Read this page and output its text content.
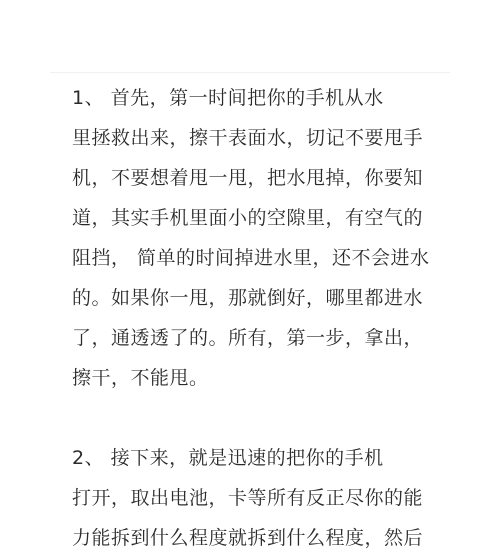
1、 首先，第一时间把你的手机从水
里拯救出来，擦干表面水，切记不要甩手
机，不要想着甩一甩，把水甩掉，你要知
道，其实手机里面小的空隙里，有空气的
阻挡， 简单的时间掉进水里，还不会进水
的。如果你一甩，那就倒好，哪里都进水
了，通透透了的。所有，第一步，拿出，
擦干，不能甩。

2、 接下来，就是迅速的把你的手机
打开，取出电池，卡等所有反正尽你的能
力能拆到什么程度就拆到什么程度，然后
